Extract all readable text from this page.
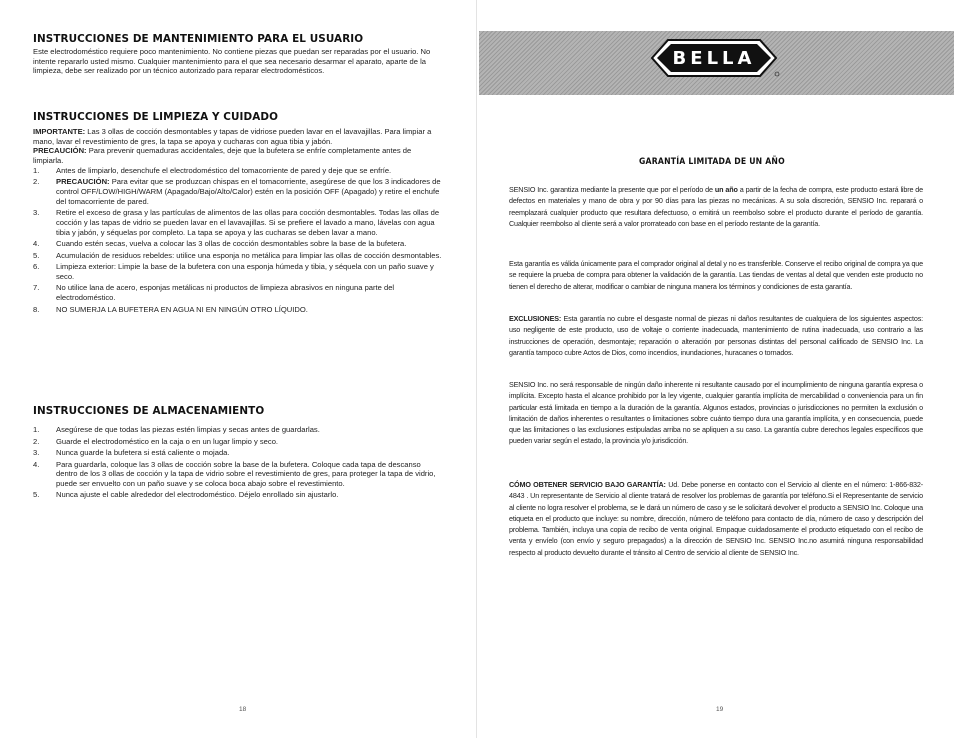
INSTRUCCIONES DE MANTENIMIENTO PARA EL USUARIO

Este electrodoméstico requiere poco mantenimiento. No contiene piezas que puedan ser reparadas por el usuario. No intente repararlo usted mismo. Cualquier mantenimiento para el que sea necesario desarmar el aparato, aparte de la limpieza, debe ser realizado por un técnico autorizado para reparar electrodomésticos.

INSTRUCCIONES DE LIMPIEZA Y CUIDADO

IMPORTANTE: Las 3 ollas de cocción desmontables y tapas de vidriose pueden lavar en el lavavajillas. Para limpiar a mano, lavar el revestimiento de gres, la tapa se apoya y cucharas con agua tibia y jabón.

PRECAUCIÓN: Para prevenir quemaduras accidentales, deje que la bufetera se enfríe completamente antes de limpiarla.

1. Antes de limpiarlo, desenchufe el electrodoméstico del tomacorriente de pared y deje que se enfríe.
2. PRECAUCIÓN: Para evitar que se produzcan chispas en el tomacorriente, asegúrese de que los 3 indicadores de control OFF/LOW/HIGH/WARM (Apagado/Bajo/Alto/Calor) estén en la posición OFF (Apagado) y retire el enchufe del tomacorriente de pared.
3. Retire el exceso de grasa y las partículas de alimentos de las ollas para cocción desmontables. Todas las ollas de cocción y las tapas de vidrio se pueden lavar en el lavavajillas. Si se prefiere el lavado a mano, lávelas con agua tibia y jabón, y séquelas por completo. La tapa se apoya y las cucharas se deben lavar a mano.
4. Cuando estén secas, vuelva a colocar las 3 ollas de cocción desmontables sobre la base de la bufetera.
5. Acumulación de residuos rebeldes: utilice una esponja no metálica para limpiar las ollas de cocción desmontables.
6. Limpieza exterior: Limpie la base de la bufetera con una esponja húmeda y tibia, y séquela con un paño suave y seco.
7. No utilice lana de acero, esponjas metálicas ni productos de limpieza abrasivos en ninguna parte del electrodoméstico.
8. NO SUMERJA LA BUFETERA EN AGUA NI EN NINGÚN OTRO LÍQUIDO.
INSTRUCCIONES DE ALMACENAMIENTO
1. Asegúrese de que todas las piezas estén limpias y secas antes de guardarlas.
2. Guarde el electrodoméstico en la caja o en un lugar limpio y seco.
3. Nunca guarde la bufetera si está caliente o mojada.
4. Para guardarla, coloque las 3 ollas de cocción sobre la base de la bufetera. Coloque cada tapa de descanso dentro de los 3 ollas de cocción y la tapa de vidrio sobre el revestimiento de gres, para proteger la tapa de vidrio, puede ser envuelto con un paño suave y se coloca boca abajo sobre el revestimiento.
5. Nunca ajuste el cable alrededor del electrodoméstico. Déjelo enrollado sin ajustarlo.
18
BELLA
GARANTÍA LIMITADA DE UN AÑO

SENSIO Inc. garantiza mediante la presente que por el período de un año a partir de la fecha de compra, este producto estará libre de defectos en materiales y mano de obra y por 90 días para las piezas no mecánicas. A su sola discreción, SENSIO Inc. reparará o reemplazará cualquier producto que resultara defectuoso, o emitirá un reembolso sobre el producto durante el período de garantía. Cualquier reembolso al cliente será a valor prorrateado con base en el período restante de la garantía.

Esta garantía es válida únicamente para el comprador original al detal y no es transferible. Conserve el recibo original de compra ya que se requiere la prueba de compra para obtener la validación de la garantía. Las tiendas de ventas al detal que venden este producto no tienen el derecho de alterar, modificar o cambiar de ninguna manera los términos y condiciones de esta garantía.

EXCLUSIONES: Esta garantía no cubre el desgaste normal de piezas ni daños resultantes de cualquiera de los siguientes aspectos: uso negligente de este producto, uso de voltaje o corriente inadecuada, mantenimiento de rutina inadecuada, uso contrario a las instrucciones de operación, desmontaje; reparación o alteración por personas distintas del personal calificado de SENSIO Inc. La garantía tampoco cubre Actos de Dios, como incendios, inundaciones, huracanes o tornados.

SENSIO Inc. no será responsable de ningún daño inherente ni resultante causado por el incumplimiento de ninguna garantía expresa o implícita. Excepto hasta el alcance prohibido por la ley vigente, cualquier garantía implícita de mercabilidad o conveniencia para un fin particular está limitada en tiempo a la duración de la garantía. Algunos estados, provincias o jurisdicciones no permiten la exclusión o limitación de daños inherentes o resultantes o limitaciones sobre cuánto tiempo dura una garantía implícita, y en consecuencia, puede que las limitaciones o las exclusiones estipuladas arriba no se apliquen a su caso. La garantía cubre derechos legales específicos que pueden variar según el estado, la provincia y/o jurisdicción.

CÓMO OBTENER SERVICIO BAJO GARANTÍA: Ud. Debe ponerse en contacto con el Servicio al cliente en el número: 1-866-832-4843 . Un representante de Servicio al cliente tratará de resolver los problemas de garantía por teléfono.Si el Representante de servicio al cliente no logra resolver el problema, se le dará un número de caso y se le solicitará devolver el producto a SENSIO Inc. Coloque una etiqueta en el producto que incluye: su nombre, dirección, número de teléfono para contacto de día, número de caso y descripción del problema. También, incluya una copia de recibo de venta original. Empaque cuidadosamente el producto etiquetado con el recibo de venta y envíelo (con envío y seguro prepagados) a la dirección de SENSIO Inc. SENSIO Inc.no asumirá ninguna responsabilidad respecto al producto devuelto durante el tránsito al Centro de servicio al cliente de SENSIO Inc.

19
